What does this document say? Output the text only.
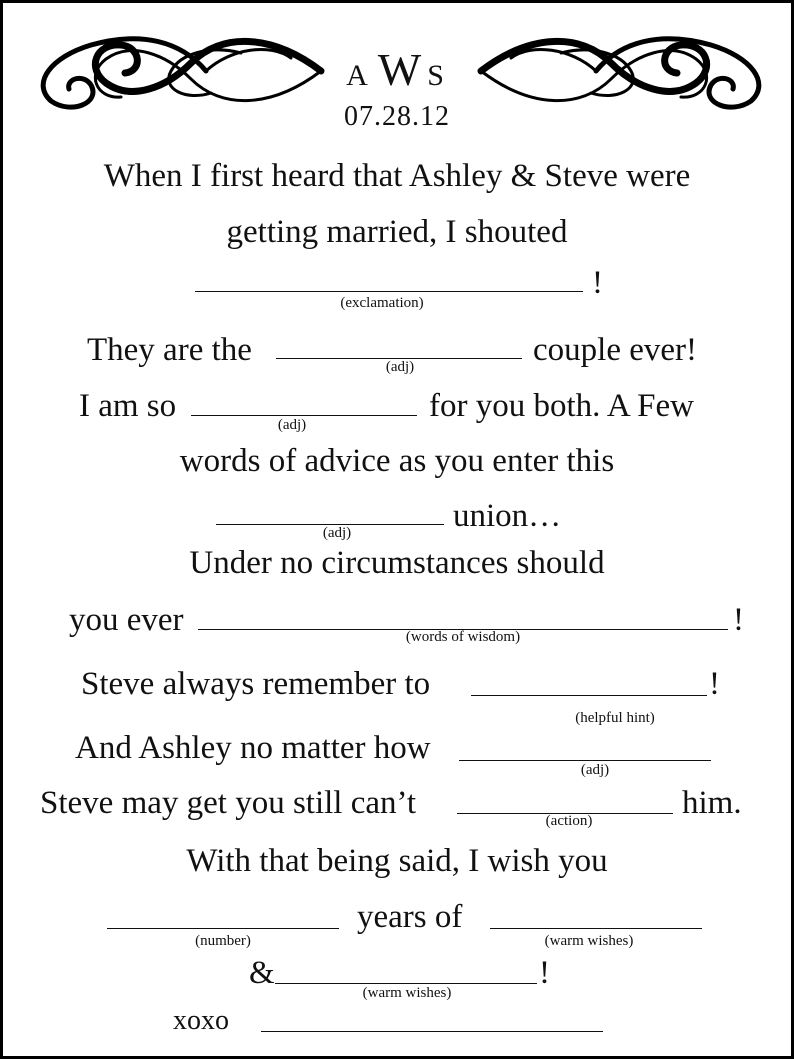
A W S
07.28.12
When I first heard that Ashley & Steve were
getting married, I shouted
!
(exclamation)
They are the	couple ever!
(adj)
I am so	for you both. A Few
(adj)
words of advice as you enter this
union…
(adj)
Under no circumstances should
you ever	!
(words of wisdom)
Steve always remember to	!
(helpful hint)
And Ashley no matter how
(adj)
Steve may get you still can’t	him.
(action)
With that being said, I wish you
years of
(number)	(warm wishes)
&	!
(warm wishes)
xoxo
